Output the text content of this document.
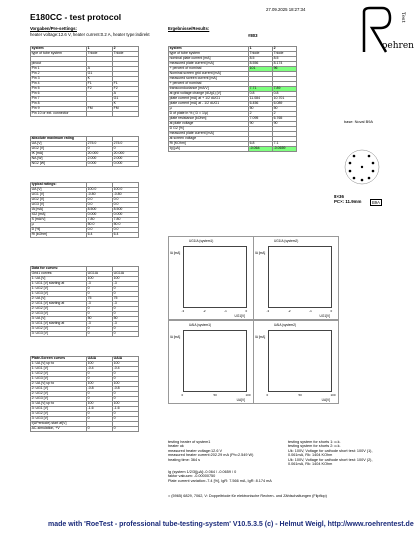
E180CC - test protocol
27.09.2025 18:27:34
oehren
Test
Vorgaben/Pre-settings:
heater voltage:12.6 V, heater current:0.2 A, heater type:indirekt
Ergebnisse/Results:
#803
system	1	2
type of tube system	Triode	Triode

pinout		
Pin 1	A	
Pin 2	G1	
Pin 3	K	
Pin 4	F1	F1
Pin 5	F2	F2
Pin 6		A
Pin 7		G1
Pin 8		K
Pin 9	FM	FM
Pin 10 or ext. connector		
absolute maximum rating		
UA [V]	275.0	275.0
UG2 [V]	0	0
IK [mA]	20.000	20.000
NA [W]	2.000	2.000
NG2 [W]	0.000	0.000
typical ratings:		
UA [V]	100.0	100.0
UG1 [V]	-0.80	-0.80
UG2 [V]	0.0	0.0
UG3 [V]	0.0	0.0
IA [mA]	8.500	8.500
IG2 [mA]	0.000	0.000
S [mA/V]	7.80	7.80
µ	50.0	50.0
D [%]	0.0	0.0
Ri [kOhm]	6.4	6.4
Data for curves:		
Grid1 curves:	UG1IA	UG1IA
1: UA [V]	100	100
1: UG1 [V] starting at	-3	-3
1: UG2 [V]	0	0
1: UG3 [V]	0	0
2: UA [V]	75	75
2: UG1 [V] starting at	-3	-3
2: UG2 [V]	0	0
2: UG3 [V]	0	0
3: UA [V]	50	50
3: UG1 [V] starting at	-3	-3
3: UG2 [V]	0	0
3: UG3 [V]	0	0
Plate-Screen curves	UAIA	UAIA
1: UA [V] up to	100	100
1: UG1 [V]	-0.4	-0.4
1: UG2 [V]	0	0
1: UG3 [V]	0	0
2: UA [V] up to	100	100
2: UG1 [V]	-0.8	-0.8
2: UG2 [V]	0	0
2: UG3 [V]	0	0
3: UA [V] up to	100	100
3: UG1 [V]	-1.6	-1.6
3: UG2 [V]	0	0
3: UG3 [V]	0	0
f(UPentode) start af[V]		
AC-simulation, +V	0	0
system	1	2
type of tube system	Triode	Triode
nominal plate current [mA]	8.5	8.5
measured plate current [mA]	8.556	8.174
+ percent of nominal	101	96
Nominal screen grid current [mA]		
measured screen current [mA]		
+ percent of nominal		
transconductance [mA/V]	7.71	7.89
at grid voltage change (dUg1) [V]	0.8	0.8
plate current [mA] at + 1/2 dUG1	11.084	10.701
plate current [mA] at - 1/2 dUG1	6.456	6.089
µ	50	50
D of plate in % ( D = 1/µ)	2	2
plate resistance [kOhm]	7.095	6.765
at plate voltage	90	90
D G2 [%]		
measured plate current [mA]		
at screen voltage		
Ri [KOhm]	6.8	7.1
Ig [µA]	-0.064	-0.0659
base: Noval B9A
8×36
PC×: 11.9mm	B9A
UG1IA (system1)
IA [mA]
UG1[V]
-3	-2	-1	0
UG1IA (system2)
IA [mA]
UG1[V]
-3	-2	-1	0
UAIA (system1)
IA [mA]
UA[V]
0	50	100
UAIA (system2)
IA [mA]
UA[V]
0	50	100
testing heater of system1
heater ok
measured heater voltage:12.6 V
measured heater current:202.29 mA (Ph=2.549 W)
heating time: 364 s
testing system for shorts 1: o.k.
testing system for shorts 2: o.k.
Uk: 100V, Voltage for cathode short test: 100V (1),
0.061mA, Rk: 1404 KOhm
Uk: 100V, Voltage for cathode short test: 100V (2),
0.061mA, Rk: 1404 KOhm
Ig (system 1/2/3)[µA]:-0.064 / -0.0659 / 0
faktor vakuum: -0.00000750
Plate current variation:-7.4 [%], IgR: 7.566 mA, IgR: 8.174 mA
= (5965) 6829, 7062, V: Doppeltriode für elektronische Rechen- und Zählschaltungen (Flipflop)
made with 'RoeTest - professional tube-testing-system' V10.5.3.5 (c) - Helmut Weigl, http://www.roehrentest.de
